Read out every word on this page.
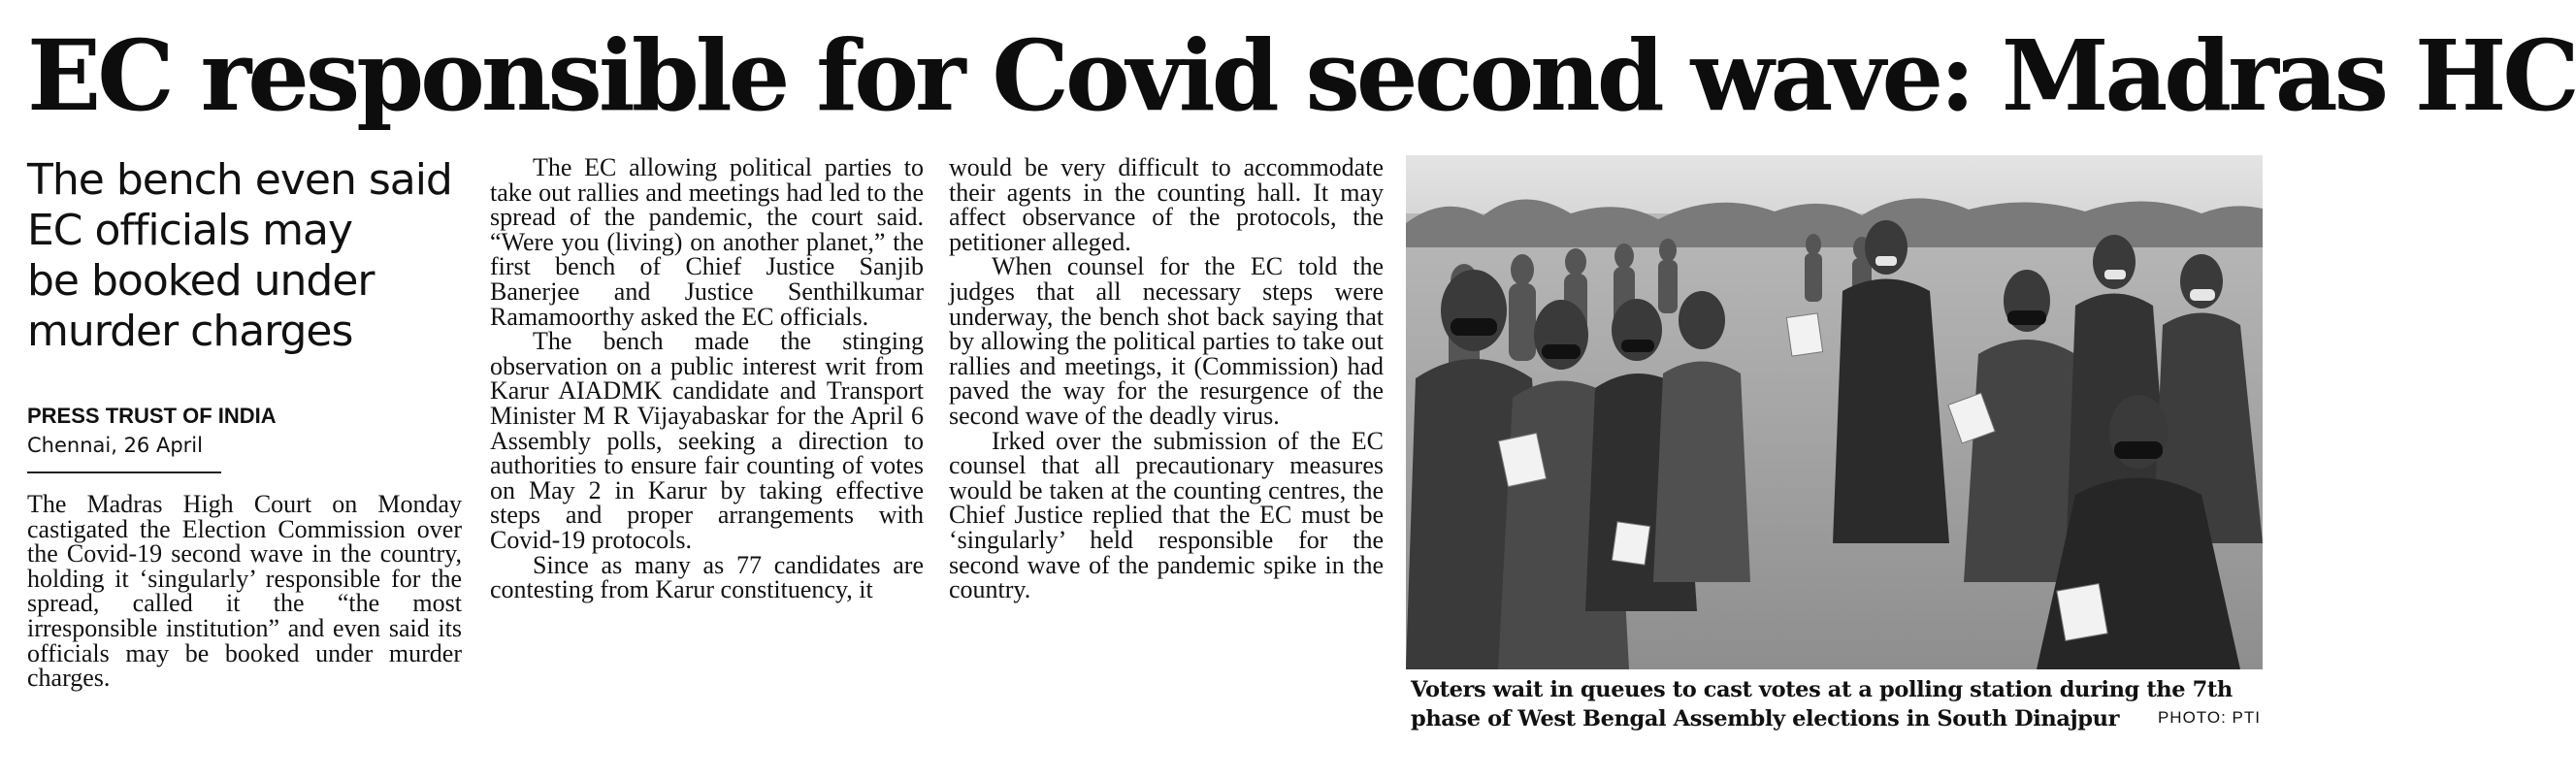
EC responsible for Covid second wave: Madras HC
The bench even said
EC officials may
be booked under
murder charges
PRESS TRUST OF INDIA
Chennai, 26 April

The Madras High Court on Monday castigated the Election Commission over the Covid-19 second wave in the country, holding it ‘singularly’ responsible for the spread, called it the “the most irresponsible institution” and even said its officials may be booked under murder charges.

The EC allowing political parties to take out rallies and meetings had led to the spread of the pandemic, the court said. “Were you (living) on another planet,” the first bench of Chief Justice Sanjib Banerjee and Justice Senthilkumar Ramamoorthy asked the EC officials.

The bench made the stinging observation on a public interest writ from Karur AIADMK candidate and Transport Minister M R Vijayabaskar for the April 6 Assembly polls, seeking a direction to authorities to ensure fair counting of votes on May 2 in Karur by taking effective steps and proper arrangements with Covid-19 protocols.

Since as many as 77 candidates are contesting from Karur constituency, it

would be very difficult to accommodate their agents in the counting hall. It may affect observance of the protocols, the petitioner alleged.

When counsel for the EC told the judges that all necessary steps were underway, the bench shot back saying that by allowing the political parties to take out rallies and meetings, it (Commission) had paved the way for the resurgence of the second wave of the deadly virus.

Irked over the submission of the EC counsel that all precautionary measures would be taken at the counting centres, the Chief Justice replied that the EC must be ‘singularly’ held responsible for the second wave of the pandemic spike in the country.

Voters wait in queues to cast votes at a polling station during the 7th phase of West Bengal Assembly elections in South Dinajpur	PHOTO: PTI
